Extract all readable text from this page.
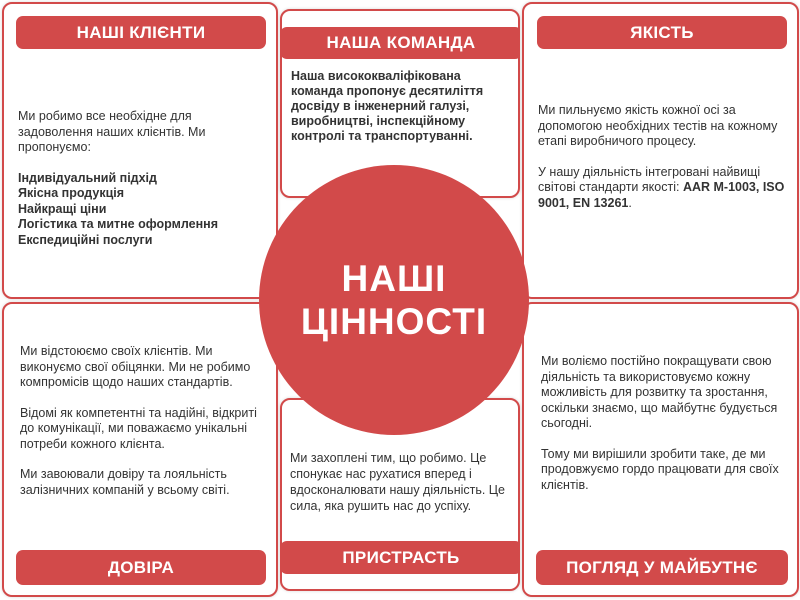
НАШІ КЛІЄНТИ

Ми робимо все необхідне для задоволення наших клієнтів. Ми пропонуємо:

Індивідуальний підхід

Якісна продукція

Найкращі ціни

Логістика та митне оформлення

Експедиційні послуги

ЯКІСТЬ

Ми пильнуємо якість кожної осі за допомогою необхідних тестів на кожному етапі виробничого процесу.

У нашу діяльність інтегровані найвищі світові стандарти якості: AAR M-1003, ISO 9001, EN 13261.

Ми відстоюємо своїх клієнтів. Ми виконуємо свої обіцянки. Ми не робимо компромісів щодо наших стандартів.

Відомі як компетентні та надійні, відкриті до комунікації, ми поважаємо унікальні потреби кожного клієнта.

Ми завоювали довіру та лояльність залізничних компаній у всьому світі.

ДОВІРА

Ми воліємо постійно покращувати свою діяльність та використовуємо кожну можливість для розвитку та зростання, оскільки знаємо, що майбутнє будується сьогодні.

Тому ми вирішили зробити таке, де ми продовжуємо гордо працювати для своїх клієнтів.

ПОГЛЯД У МАЙБУТНЄ
НАША КОМАНДА
Наша висококваліфікована команда пропонує десятиліття досвіду в інженерний галузі, виробництві, інспекційному контролі та транспортуванні.
Ми захоплені тим, що робимо. Це спонукає нас рухатися вперед і вдосконалювати нашу діяльність. Це сила, яка рушить нас до успіху.
ПРИСТРАСТЬ
НАШІ ЦІННОСТІ
